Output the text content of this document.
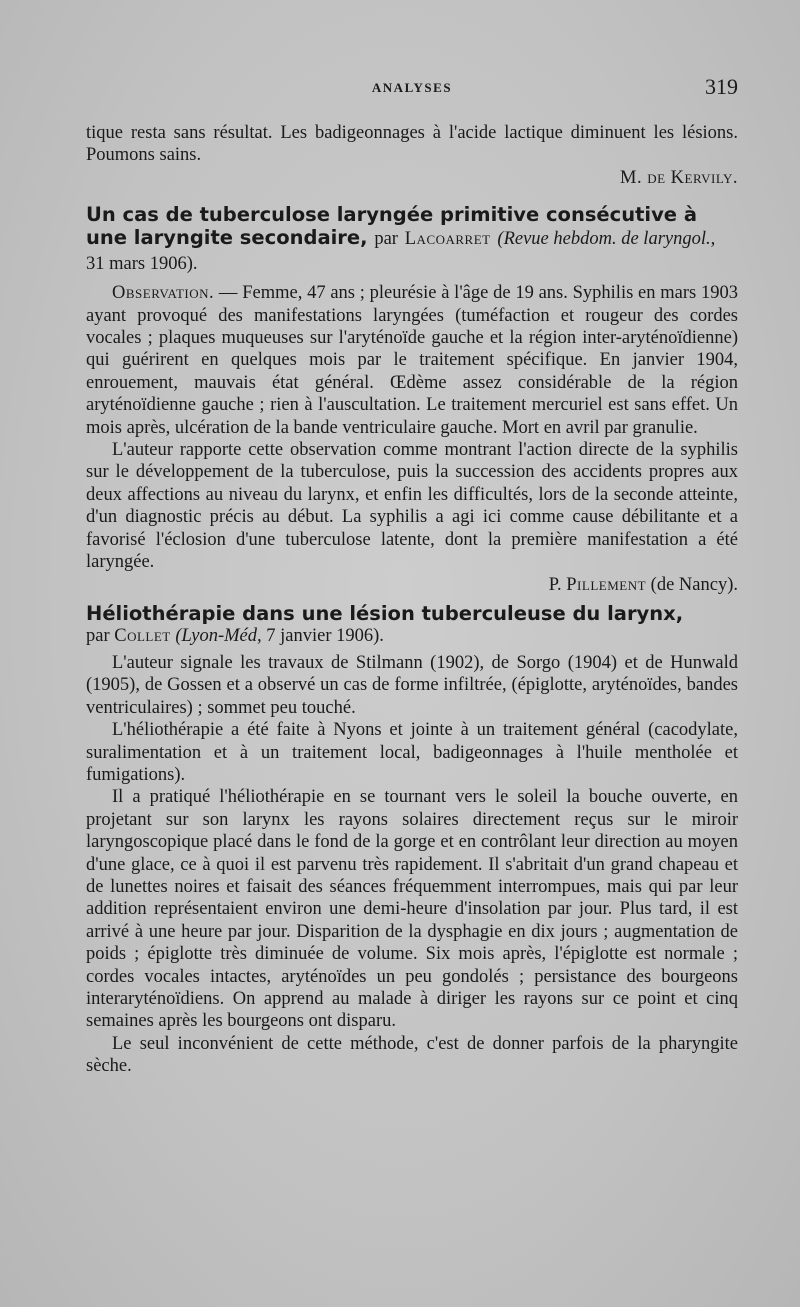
ANALYSES	319

tique resta sans résultat. Les badigeonnages à l'acide lactique diminuent les lésions. Poumons sains.

M. de Kervily.
Un cas de tuberculose laryngée primitive consécutive à une laryngite secondaire, par Lacoarret (Revue hebdom. de laryngol., 31 mars 1906).

Observation. — Femme, 47 ans ; pleurésie à l'âge de 19 ans. Syphilis en mars 1903 ayant provoqué des manifestations laryngées (tuméfaction et rougeur des cordes vocales ; plaques muqueuses sur l'aryténoïde gauche et la région inter-aryténoïdienne) qui guérirent en quelques mois par le traitement spécifique. En janvier 1904, enrouement, mauvais état général. Œdème assez considérable de la région aryténoïdienne gauche ; rien à l'auscultation. Le traitement mercuriel est sans effet. Un mois après, ulcération de la bande ventriculaire gauche. Mort en avril par granulie.

L'auteur rapporte cette observation comme montrant l'action directe de la syphilis sur le développement de la tuberculose, puis la succession des accidents propres aux deux affections au niveau du larynx, et enfin les difficultés, lors de la seconde atteinte, d'un diagnostic précis au début. La syphilis a agi ici comme cause débilitante et a favorisé l'éclosion d'une tuberculose latente, dont la première manifestation a été laryngée.

P. Pillement (de Nancy).
Héliothérapie dans une lésion tuberculeuse du larynx,
par Collet (Lyon-Méd, 7 janvier 1906).

L'auteur signale les travaux de Stilmann (1902), de Sorgo (1904) et de Hunwald (1905), de Gossen et a observé un cas de forme infiltrée, (épiglotte, aryténoïdes, bandes ventriculaires) ; sommet peu touché.

L'héliothérapie a été faite à Nyons et jointe à un traitement général (cacodylate, suralimentation et à un traitement local, badigeonnages à l'huile mentholée et fumigations).

Il a pratiqué l'héliothérapie en se tournant vers le soleil la bouche ouverte, en projetant sur son larynx les rayons solaires directement reçus sur le miroir laryngoscopique placé dans le fond de la gorge et en contrôlant leur direction au moyen d'une glace, ce à quoi il est parvenu très rapidement. Il s'abritait d'un grand chapeau et de lunettes noires et faisait des séances fréquemment interrompues, mais qui par leur addition représentaient environ une demi-heure d'insolation par jour. Plus tard, il est arrivé à une heure par jour. Disparition de la dysphagie en dix jours ; augmentation de poids ; épiglotte très diminuée de volume. Six mois après, l'épiglotte est normale ; cordes vocales intactes, aryténoïdes un peu gondolés ; persistance des bourgeons interaryténoïdiens. On apprend au malade à diriger les rayons sur ce point et cinq semaines après les bourgeons ont disparu.

Le seul inconvénient de cette méthode, c'est de donner parfois de la pharyngite sèche.
